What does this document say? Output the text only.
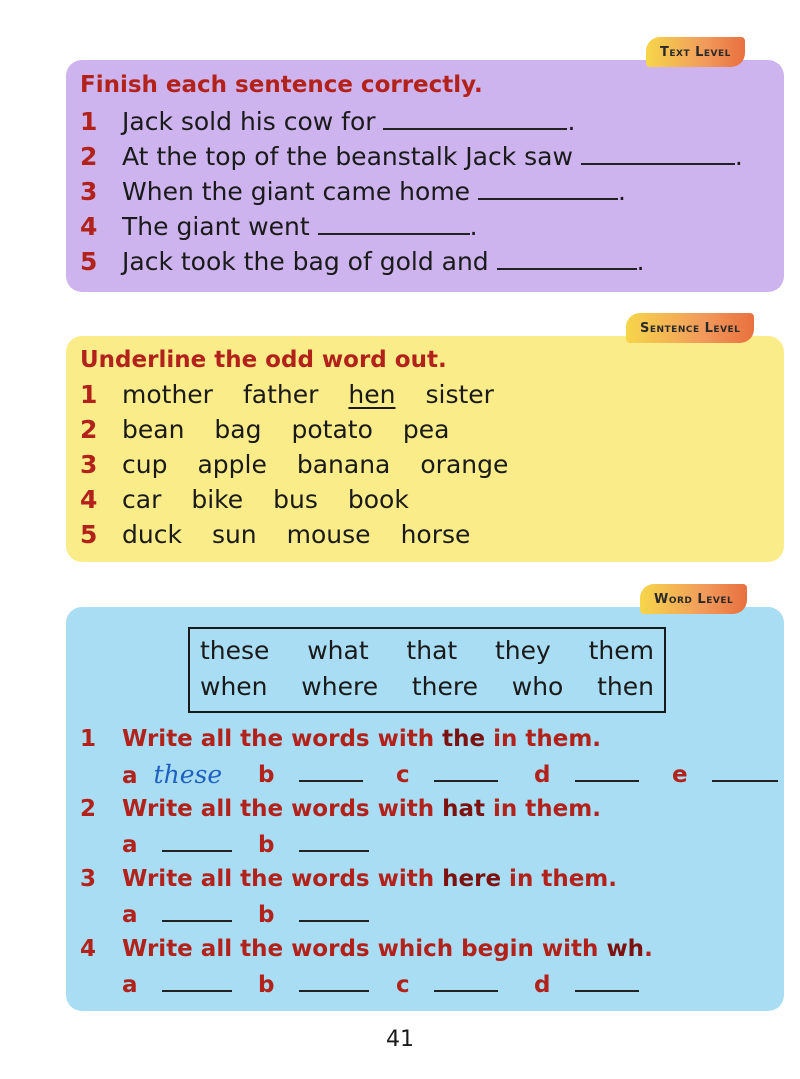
Text Level
Finish each sentence correctly.
1 Jack sold his cow for	.
2 At the top of the beanstalk Jack saw	.
3 When the giant came home	.
4 The giant went	.
5 Jack took the bag of gold and	.
Sentence Level
Underline the odd word out.
1 mother father hen sister
2 bean bag potato pea
3 cup apple banana orange
4 car bike bus book
5 duck sun mouse horse
Word Level
these what that they them
when where there who then
1 Write all the words with the in them.
a these b	c	d	e
2 Write all the words with hat in them.
a	b
3 Write all the words with here in them.
a	b
4 Write all the words which begin with wh.
a	b	c	d
41
